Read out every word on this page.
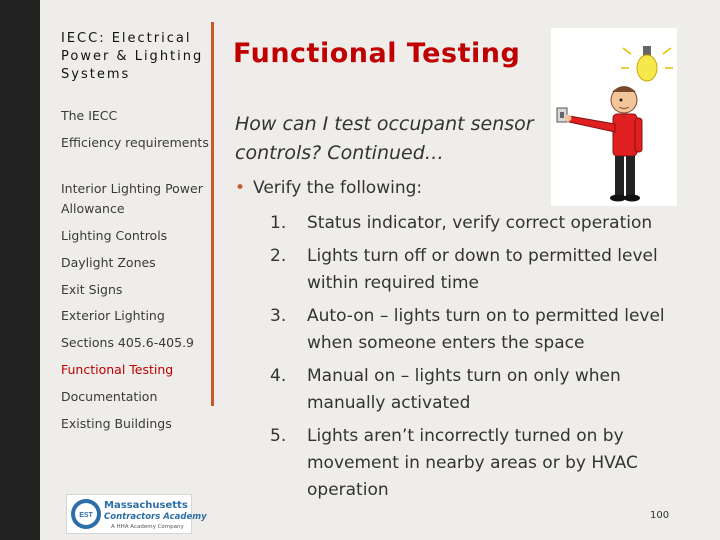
IECC: Electrical Power & Lighting Systems
The IECC
Efficiency requirements
Interior Lighting Power Allowance
Lighting Controls
Daylight Zones
Exit Signs
Exterior Lighting
Sections 405.6-405.9
Functional Testing
Documentation
Existing Buildings
Functional Testing
How can I test occupant sensor controls? Continued…
• Verify the following:
1.	Status indicator, verify correct operation
2.	Lights turn off or down to permitted level within required time
3.	Auto-on – lights turn on to permitted level when someone enters the space
4.	Manual on – lights turn on only when manually activated
5.	Lights aren’t incorrectly turned on by movement in nearby areas or by HVAC operation
EST
Massachusetts
Contractors Academy
A HHA Academy Company
100
